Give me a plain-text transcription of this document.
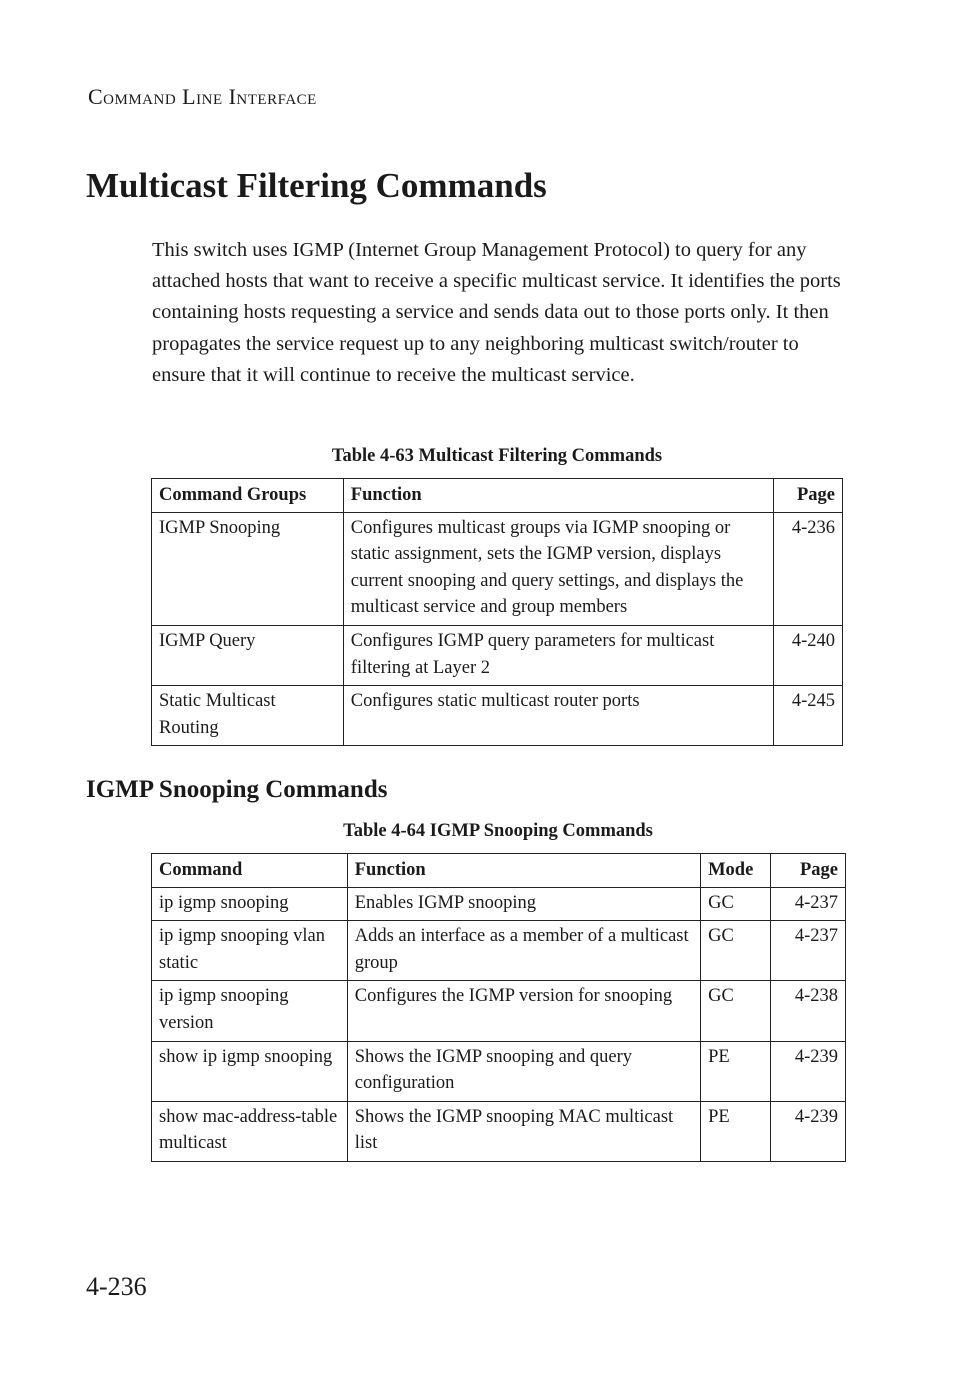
Command Line Interface
Multicast Filtering Commands

This switch uses IGMP (Internet Group Management Protocol) to query for any attached hosts that want to receive a specific multicast service. It identifies the ports containing hosts requesting a service and sends data out to those ports only. It then propagates the service request up to any neighboring multicast switch/router to ensure that it will continue to receive the multicast service.

Table 4-63 Multicast Filtering Commands
Command Groups	Function	Page
IGMP Snooping	Configures multicast groups via IGMP snooping or static assignment, sets the IGMP version, displays current snooping and query settings, and displays the multicast service and group members	4-236
IGMP Query	Configures IGMP query parameters for multicast filtering at Layer 2	4-240
Static Multicast Routing	Configures static multicast router ports	4-245
IGMP Snooping Commands
Table 4-64 IGMP Snooping Commands
Command	Function	Mode	Page
ip igmp snooping	Enables IGMP snooping	GC	4-237
ip igmp snooping vlan static	Adds an interface as a member of a multicast group	GC	4-237
ip igmp snooping version	Configures the IGMP version for snooping	GC	4-238
show ip igmp snooping	Shows the IGMP snooping and query configuration	PE	4-239
show mac-address-table multicast	Shows the IGMP snooping MAC multicast list	PE	4-239
4-236
